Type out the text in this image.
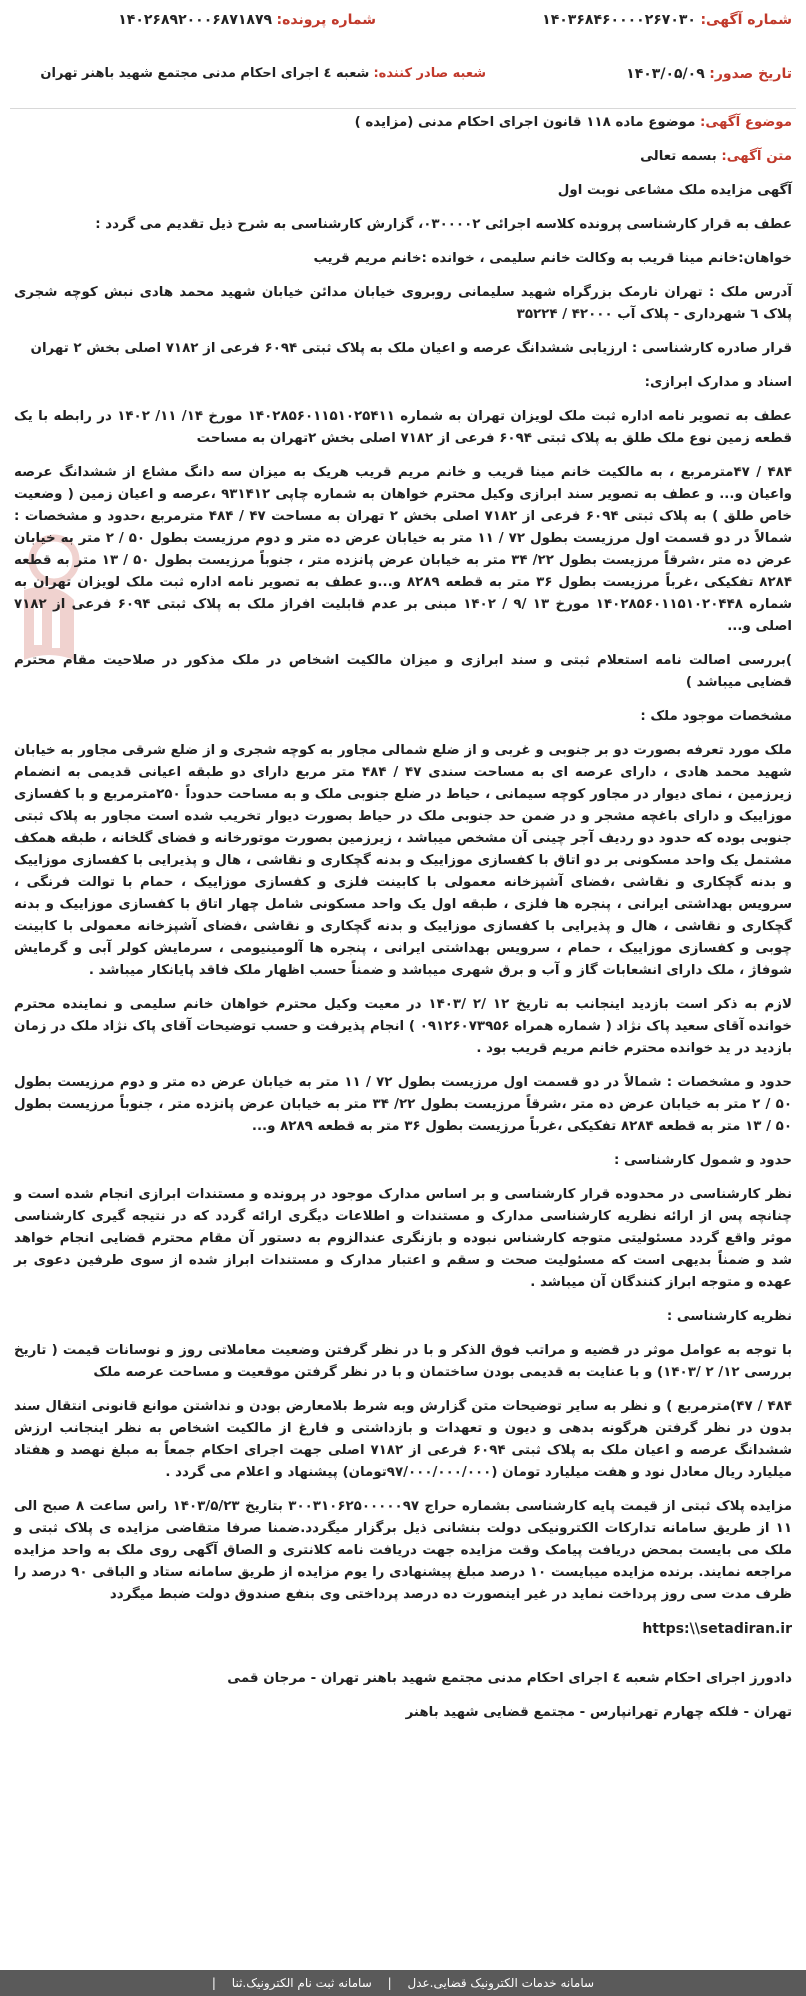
شماره آگهی: ۱۴۰۳۶۸۴۶۰۰۰۰۲۶۷۰۳۰
شماره پرونده: ۱۴۰۲۶۸۹۲۰۰۰۶۸۷۱۸۷۹
تاریخ صدور: ۱۴۰۳/۰۵/۰۹
شعبه صادر کننده: شعبه ٤ اجرای احکام مدنی مجتمع شهید باهنر تهران

موضوع آگهی: موضوع ماده ۱۱۸ قانون اجرای احکام مدنی (مزایده )

متن آگهی: بسمه تعالی

آگهی مزایده ملک مشاعی نوبت اول

عطف به قرار کارشناسی پرونده کلاسه اجرائی ۰۳۰۰۰۰۲، گزارش کارشناسی به شرح ذیل تقدیم می گردد :

خواهان:خانم مینا قریب به وکالت خانم سلیمی ، خوانده :خانم مریم قریب

آدرس ملک : تهران نارمک بزرگراه شهید سلیمانی روبروی خیابان مدائن خیابان شهید محمد هادی نبش کوچه شجری پلاک ٦ شهرداری - پلاک آب ۴۲۰۰۰ / ۳۵۲۲۴

قرار صادره کارشناسی : ارزیابی ششدانگ عرصه و اعیان ملک به پلاک ثبتی ۶۰۹۴ فرعی از ۷۱۸۲ اصلی بخش ۲ تهران

اسناد و مدارک ابرازی:

عطف به تصویر نامه اداره ثبت ملک لویزان تهران به شماره ۱۴۰۲۸۵۶۰۱۱۵۱۰۲۵۴۱۱ مورخ ۱۴/ ۱۱/ ۱۴۰۲ در رابطه با یک قطعه زمین نوع ملک طلق به پلاک ثبتی ۶۰۹۴ فرعی از ۷۱۸۲ اصلی بخش ۲تهران به مساحت

۴۸۴ / ۴۷مترمربع ، به مالکیت خانم مینا قریب و خانم مریم قریب هریک به میزان سه دانگ مشاع از ششدانگ عرصه واعیان و... و عطف به تصویر سند ابرازی وکیل محترم خواهان به شماره چاپی ۹۳۱۴۱۲ ،عرصه و اعیان زمین ( وضعیت خاص طلق ) به پلاک ثبتی ۶۰۹۴ فرعی از ۷۱۸۲ اصلی بخش ۲ تهران به مساحت ۴۷ / ۴۸۴ مترمربع ،حدود و مشخصات : شمالاً در دو قسمت اول مرزیست بطول ۷۲ / ۱۱ متر به خیابان عرض ده متر و دوم مرزیست بطول ۵۰ / ۲ متر به خیابان عرض ده متر ،شرقاً مرزیست بطول ۲۲/ ۳۴ متر به خیابان عرض پانزده متر ، جنوباً مرزیست بطول ۵۰ / ۱۳ متر به قطعه ۸۲۸۴ تفکیکی ،غرباً مرزیست بطول ۳۶ متر به قطعه ۸۲۸۹ و...و عطف به تصویر نامه اداره ثبت ملک لویزان تهران به شماره ۱۴۰۲۸۵۶۰۱۱۵۱۰۲۰۴۴۸ مورخ ۱۳ /۹ / ۱۴۰۲ مبنی بر عدم قابلیت افراز ملک به پلاک ثبتی ۶۰۹۴ فرعی از ۷۱۸۲ اصلی و...

)بررسی اصالت نامه استعلام ثبتی و سند ابرازی و میزان مالکیت اشخاص در ملک مذکور در صلاحیت مقام محترم قضایی میباشد )

مشخصات موجود ملک :

ملک مورد تعرفه بصورت دو بر جنوبی و غربی و از ضلع شمالی مجاور به کوچه شجری و از ضلع شرقی مجاور به خیابان شهید محمد هادی ، دارای عرصه ای به مساحت سندی ۴۷ / ۴۸۴ متر مربع دارای دو طبقه اعیانی قدیمی به انضمام زیرزمین ، نمای دیوار در مجاور کوچه سیمانی ، حیاط در ضلع جنوبی ملک و به مساحت حدوداً ۲۵۰مترمربع و با کفسازی موزاییک و دارای باغچه مشجر و در ضمن حد جنوبی ملک در حیاط بصورت دیوار تخریب شده است مجاور به پلاک ثبتی جنوبی بوده که حدود دو ردیف آجر چینی آن مشخص میباشد ، زیرزمین بصورت موتورخانه و فضای گلخانه ، طبقه همکف مشتمل یک واحد مسکونی بر دو اتاق با کفسازی موزاییک و بدنه گچکاری و نقاشی ، هال و پذیرایی با کفسازی موزاییک و بدنه گچکاری و نقاشی ،فضای آشپزخانه معمولی با کابینت فلزی و کفسازی موزاییک ، حمام با توالت فرنگی ، سرویس بهداشتی ایرانی ، پنجره ها فلزی ، طبقه اول یک واحد مسکونی شامل چهار اتاق با کفسازی موزاییک و بدنه گچکاری و نقاشی ، هال و پذیرایی با کفسازی موزاییک و بدنه گچکاری و نقاشی ،فضای آشپزخانه معمولی با کابینت چوبی و کفسازی موزاییک ، حمام ، سرویس بهداشتی ایرانی ، پنجره ها آلومینیومی ، سرمایش کولر آبی و گرمایش شوفاژ ، ملک دارای انشعابات گاز و آب و برق شهری میباشد و ضمناً حسب اظهار ملک فاقد پایانکار میباشد .

لازم به ذکر است بازدید اینجانب به تاریخ ۱۲ /۲ /۱۴۰۳ در معیت وکیل محترم خواهان خانم سلیمی و نماینده محترم خوانده آقای سعید پاک نژاد ( شماره همراه ۰۹۱۲۶۰۷۳۹۵۶ ) انجام پذیرفت و حسب توضیحات آقای پاک نژاد ملک در زمان بازدید در ید خوانده محترم خانم مریم قریب بود .

حدود و مشخصات : شمالاً در دو قسمت اول مرزیست بطول ۷۲ / ۱۱ متر به خیابان عرض ده متر و دوم مرزیست بطول ۵۰ / ۲ متر به خیابان عرض ده متر ،شرقاً مرزیست بطول ۲۲/ ۳۴ متر به خیابان عرض پانزده متر ، جنوباً مرزیست بطول ۵۰ / ۱۳ متر به قطعه ۸۲۸۴ تفکیکی ،غرباً مرزیست بطول ۳۶ متر به قطعه ۸۲۸۹ و...

حدود و شمول کارشناسی :

نظر کارشناسی در محدوده قرار کارشناسی و بر اساس مدارک موجود در پرونده و مستندات ابرازی انجام شده است و چنانچه پس از ارائه نظریه کارشناسی مدارک و مستندات و اطلاعات دیگری ارائه گردد که در نتیجه گیری کارشناسی موثر واقع گردد مسئولیتی متوجه کارشناس نبوده و بازنگری عندالزوم به دستور آن مقام محترم قضایی انجام خواهد شد و ضمناً بدیهی است که مسئولیت صحت و سقم و اعتبار مدارک و مستندات ابراز شده از سوی طرفین دعوی بر عهده و متوجه ابراز کنندگان آن میباشد .

نظریه کارشناسی :

با توجه به عوامل موثر در قضیه و مراتب فوق الذکر و با در نظر گرفتن وضعیت معاملاتی روز و نوسانات قیمت ( تاریخ بررسی ۱۲/ ۲ /۱۴۰۳) و با عنایت به قدیمی بودن ساختمان و با در نظر گرفتن موقعیت و مساحت عرصه ملک

۴۸۴ / ۴۷)مترمربع ) و نظر به سایر توضیحات متن گزارش وبه شرط بلامعارض بودن و نداشتن موانع قانونی انتقال سند بدون در نظر گرفتن هرگونه بدهی و دیون و تعهدات و بازداشتی و فارغ از مالکیت اشخاص به نظر اینجانب ارزش ششدانگ عرصه و اعیان ملک به پلاک ثبتی ۶۰۹۴ فرعی از ۷۱۸۲ اصلی جهت اجرای احکام جمعاً به مبلغ نهصد و هفتاد میلیارد ریال معادل نود و هفت میلیارد تومان (۹۷/۰۰۰/۰۰۰/۰۰۰تومان) پیشنهاد و اعلام می گردد .

مزایده پلاک ثبتی از قیمت پایه کارشناسی بشماره حراج ۳۰۰۳۱۰۶۲۵۰۰۰۰۰۹۷ بتاریخ ۱۴۰۳/۵/۲۳ راس ساعت ۸ صبح الی ۱۱ از طریق سامانه تدارکات الکترونیکی دولت بنشانی ذیل برگزار میگردد.ضمنا صرفا متقاضی مزایده ی پلاک ثبتی و ملک می بایست بمحض دریافت پیامک وقت مزایده جهت دریافت نامه کلانتری و الصاق آگهی روی ملک به واحد مزایده مراجعه نمایند. برنده مزایده میبایست ۱۰ درصد مبلغ پیشنهادی را یوم مزایده از طریق سامانه ستاد و الباقی ۹۰ درصد را ظرف مدت سی روز پرداخت نماید در غیر اینصورت ده درصد پرداختی وی بنفع صندوق دولت ضبط میگردد

https:\\setadiran.ir

دادورز اجرای احکام شعبه ٤ اجرای احکام مدنی مجتمع شهید باهنر تهران - مرجان قمی

تهران - فلکه چهارم تهرانپارس - مجتمع قضایی شهید باهنر

سامانه خدمات الکترونیک قضایی.عدل | سامانه ثبت نام الکترونیک.ثنا |
